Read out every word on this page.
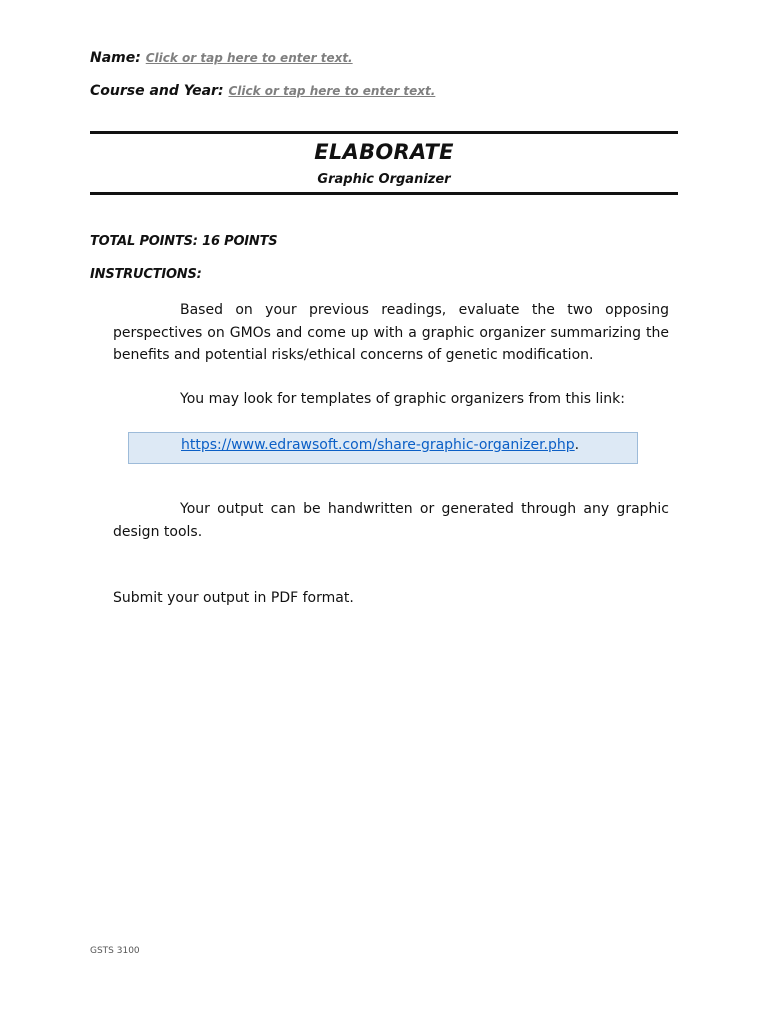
Name: Click or tap here to enter text.
Course and Year: Click or tap here to enter text.
ELABORATE
Graphic Organizer
TOTAL POINTS: 16 POINTS
INSTRUCTIONS:

Based on your previous readings, evaluate the two opposing perspectives on GMOs and come up with a graphic organizer summarizing the benefits and potential risks/ethical concerns of genetic modification.

You may look for templates of graphic organizers from this link:

https://www.edrawsoft.com/share-graphic-organizer.php.

Your output can be handwritten or generated through any graphic design tools.

Submit your output in PDF format.

GSTS 3100
